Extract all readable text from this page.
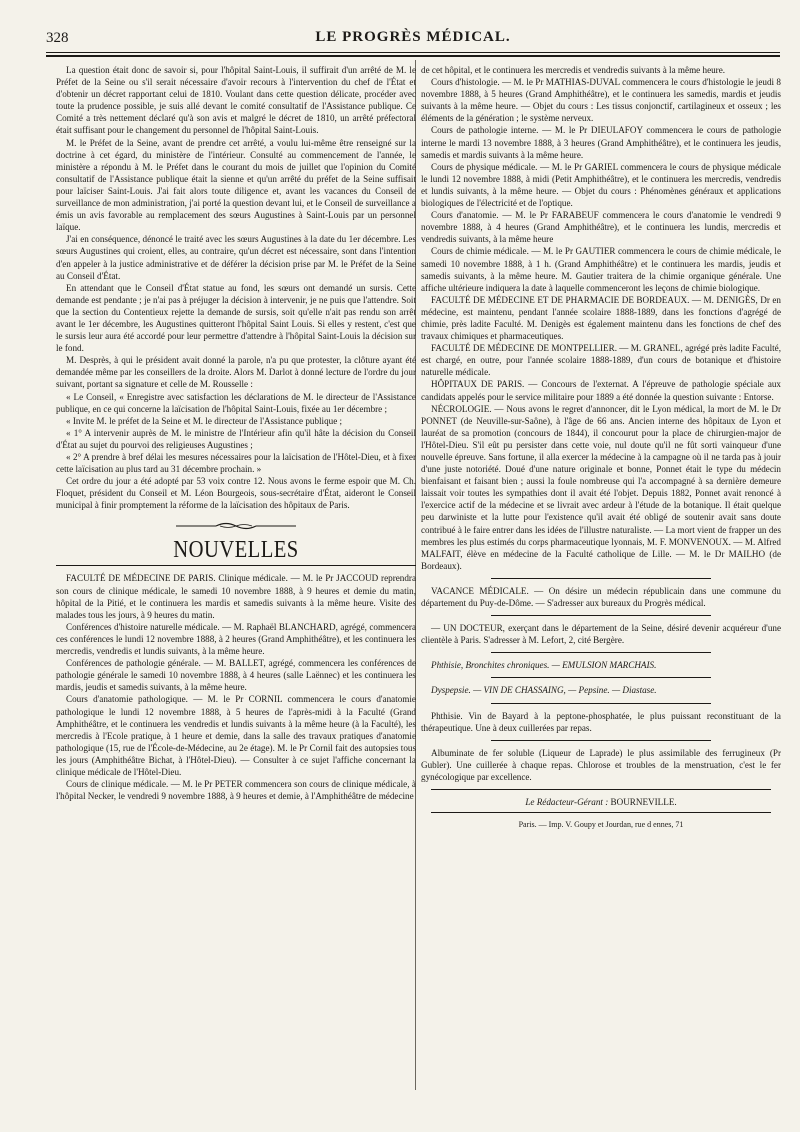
328	LE PROGRÈS MÉDICAL.

La question était donc de savoir si, pour l'hôpital Saint-Louis, il suffirait d'un arrêté de M. le Préfet de la Seine ou s'il serait nécessaire d'avoir recours à l'intervention du chef de l'État et d'obtenir un décret rapportant celui de 1810. Voulant dans cette question délicate, procéder avec toute la prudence possible, je suis allé devant le comité consultatif de l'Assistance publique. Ce Comité a très nettement déclaré qu'à son avis et malgré le décret de 1810, un arrêté préfectoral était suffisant pour le changement du personnel de l'hôpital Saint-Louis.

M. le Préfet de la Seine, avant de prendre cet arrêté, a voulu lui-même être renseigné sur la doctrine à cet égard, du ministère de l'intérieur. Consulté au commencement de l'année, le ministère a répondu à M. le Préfet dans le courant du mois de juillet que l'opinion du Comité consultatif de l'Assistance publique était la sienne et qu'un arrêté du préfet de la Seine suffisait pour laïciser Saint-Louis. J'ai fait alors toute diligence et, avant les vacances du Conseil de surveillance de mon administration, j'ai porté la question devant lui, et le Conseil de surveillance a émis un avis favorable au remplacement des sœurs Augustines à Saint-Louis par un personnel laïque.

J'ai en conséquence, dénoncé le traité avec les sœurs Augustines à la date du 1er décembre. Les sœurs Augustines qui croient, elles, au contraire, qu'un décret est nécessaire, sont dans l'intention d'en appeler à la justice administrative et de déférer la décision prise par M. le Préfet de la Seine au Conseil d'État.

En attendant que le Conseil d'État statue au fond, les sœurs ont demandé un sursis. Cette demande est pendante ; je n'ai pas à préjuger la décision à intervenir, je ne puis que l'attendre. Soit que la section du Contentieux rejette la demande de sursis, soit qu'elle n'ait pas rendu son arrêt avant le 1er décembre, les Augustines quitteront l'hôpital Saint Louis. Si elles y restent, c'est que le sursis leur aura été accordé pour leur permettre d'attendre à l'hôpital Saint-Louis la décision sur le fond.

M. Desprès, à qui le président avait donné la parole, n'a pu que protester, la clôture ayant été demandée même par les conseillers de la droite. Alors M. Darlot à donné lecture de l'ordre du jour suivant, portant sa signature et celle de M. Rousselle :

« Le Conseil, « Enregistre avec satisfaction les déclarations de M. le directeur de l'Assistance publique, en ce qui concerne la laïcisation de l'hôpital Saint-Louis, fixée au 1er décembre ;

« Invite M. le préfet de la Seine et M. le directeur de l'Assistance publique ;

« 1° A intervenir auprès de M. le ministre de l'Intérieur afin qu'il hâte la décision du Conseil d'État au sujet du pourvoi des religieuses Augustines ;

« 2° A prendre à bref délai les mesures nécessaires pour la laïcisation de l'Hôtel-Dieu, et à fixer cette laïcisation au plus tard au 31 décembre prochain. »

Cet ordre du jour a été adopté par 53 voix contre 12. Nous avons le ferme espoir que M. Ch. Floquet, président du Conseil et M. Léon Bourgeois, sous-secrétaire d'État, aideront le Conseil municipal à finir promptement la réforme de la laïcisation des hôpitaux de Paris.

NOUVELLES

FACULTÉ DE MÉDECINE DE PARIS. Clinique médicale. — M. le Pr JACCOUD reprendra son cours de clinique médicale, le samedi 10 novembre 1888, à 9 heures et demie du matin, hôpital de la Pitié, et le continuera les mardis et samedis suivants à la même heure. Visite des malades tous les jours, à 9 heures du matin.

Conférences d'histoire naturelle médicale. — M. Raphaël BLANCHARD, agrégé, commencera ces conférences le lundi 12 novembre 1888, à 2 heures (Grand Amphithéâtre), et les continuera les mercredis, vendredis et lundis suivants, à la même heure.

Conférences de pathologie générale. — M. BALLET, agrégé, commencera les conférences de pathologie générale le samedi 10 novembre 1888, à 4 heures (salle Laënnec) et les continuera les mardis, jeudis et samedis suivants, à la même heure.

Cours d'anatomie pathologique. — M. le Pr CORNIL commencera le cours d'anatomie pathologique le lundi 12 novembre 1888, à 5 heures de l'après-midi à la Faculté (Grand Amphithéâtre, et le continuera les vendredis et lundis suivants à la même heure (à la Faculté), les mercredis à l'Ecole pratique, à 1 heure et demie, dans la salle des travaux pratiques d'anatomie pathologique (15, rue de l'École-de-Médecine, au 2e étage). M. le Pr Cornil fait des autopsies tous les jours (Amphithéâtre Bichat, à l'Hôtel-Dieu). — Consulter à ce sujet l'affiche concernant la clinique médicale de l'Hôtel-Dieu.

Cours de clinique médicale. — M. le Pr PETER commencera son cours de clinique médicale, à l'hôpital Necker, le vendredi 9 novembre 1888, à 9 heures et demie, à l'Amphithéâtre de médecine

de cet hôpital, et le continuera les mercredis et vendredis suivants à la même heure.

Cours d'histologie. — M. le Pr MATHIAS-DUVAL commencera le cours d'histologie le jeudi 8 novembre 1888, à 5 heures (Grand Amphithéâtre), et le continuera les samedis, mardis et jeudis suivants à la même heure. — Objet du cours : Les tissus conjonctif, cartilagineux et osseux ; les éléments de la génération ; le système nerveux.

Cours de pathologie interne. — M. le Pr DIEULAFOY commencera le cours de pathologie interne le mardi 13 novembre 1888, à 3 heures (Grand Amphithéâtre), et le continuera les jeudis, samedis et mardis suivants à la même heure.

Cours de physique médicale. — M. le Pr GARIEL commencera le cours de physique médicale le lundi 12 novembre 1888, à midi (Petit Amphithéâtre), et le continuera les mercredis, vendredis et lundis suivants, à la même heure. — Objet du cours : Phénomènes généraux et applications biologiques de l'électricité et de l'optique.

Cours d'anatomie. — M. le Pr FARABEUF commencera le cours d'anatomie le vendredi 9 novembre 1888, à 4 heures (Grand Amphithéâtre), et le continuera les lundis, mercredis et vendredis suivants, à la même heure

Cours de chimie médicale. — M. le Pr GAUTIER commencera le cours de chimie médicale, le samedi 10 novembre 1888, à 1 h. (Grand Amphithéâtre) et le continuera les mardis, jeudis et samedis suivants, à la même heure. M. Gautier traitera de la chimie organique générale. Une affiche ultérieure indiquera la date à laquelle commenceront les leçons de chimie biologique.

FACULTÉ DE MÉDECINE ET DE PHARMACIE DE BORDEAUX. — M. DENIGÈS, Dr en médecine, est maintenu, pendant l'année scolaire 1888-1889, dans les fonctions d'agrégé de chimie, près ladite Faculté. M. Denigès est également maintenu dans les fonctions de chef des travaux chimiques et pharmaceutiques.

FACULTÉ DE MÉDECINE DE MONTPELLIER. — M. GRANEL, agrégé près ladite Faculté, est chargé, en outre, pour l'année scolaire 1888-1889, d'un cours de botanique et d'histoire naturelle médicale.

HÔPITAUX DE PARIS. — Concours de l'externat. A l'épreuve de pathologie spéciale aux candidats appelés pour le service militaire pour 1889 a été donnée la question suivante : Entorse.

NÉCROLOGIE. — Nous avons le regret d'annoncer, dit le Lyon médical, la mort de M. le Dr PONNET (de Neuville-sur-Saône), à l'âge de 66 ans. Ancien interne des hôpitaux de Lyon et lauréat de sa promotion (concours de 1844), il concourut pour la place de chirurgien-major de l'Hôtel-Dieu. S'il eût pu persister dans cette voie, nul doute qu'il ne fût sorti vainqueur d'une nouvelle épreuve. Sans fortune, il alla exercer la médecine à la campagne où il ne tarda pas à jouir d'une juste notoriété. Doué d'une nature originale et bonne, Ponnet était le type du médecin bienfaisant et faisant bien ; aussi la foule nombreuse qui l'a accompagné à sa dernière demeure laissait voir toutes les sympathies dont il avait été l'objet. Depuis 1882, Ponnet avait renoncé à l'exercice actif de la médecine et se livrait avec ardeur à l'étude de la botanique. Il était quelque peu darwiniste et la lutte pour l'existence qu'il avait été obligé de soutenir avait sans doute contribué à le faire entrer dans les idées de l'illustre naturaliste. — La mort vient de frapper un des membres les plus estimés du corps pharmaceutique lyonnais, M. F. MONVENOUX. — M. Alfred MALFAIT, élève en médecine de la Faculté catholique de Lille. — M. le Dr MAILHO (de Bordeaux).

VACANCE MÉDICALE. — On désire un médecin républicain dans une commune du département du Puy-de-Dôme. — S'adresser aux bureaux du Progrès médical.

— UN DOCTEUR, exerçant dans le département de la Seine, désiré devenir acquéreur d'une clientèle à Paris. S'adresser à M. Lefort, 2, cité Bergère.

Phthisie, Bronchites chroniques. — EMULSION MARCHAIS.

Dyspepsie. — VIN DE CHASSAING, — Pepsine. — Diastase.

Phthisie. Vin de Bayard à la peptone-phosphatée, le plus puissant reconstituant de la thérapeutique. Une à deux cuillerées par repas.

Albuminate de fer soluble (Liqueur de Laprade) le plus assimilable des ferrugineux (Pr Gubler). Une cuillerée à chaque repas. Chlorose et troubles de la menstruation, c'est le fer gynécologique par excellence.

Le Rédacteur-Gérant : BOURNEVILLE.
Paris. — Imp. V. Goupy et Jourdan, rue d ennes, 71
